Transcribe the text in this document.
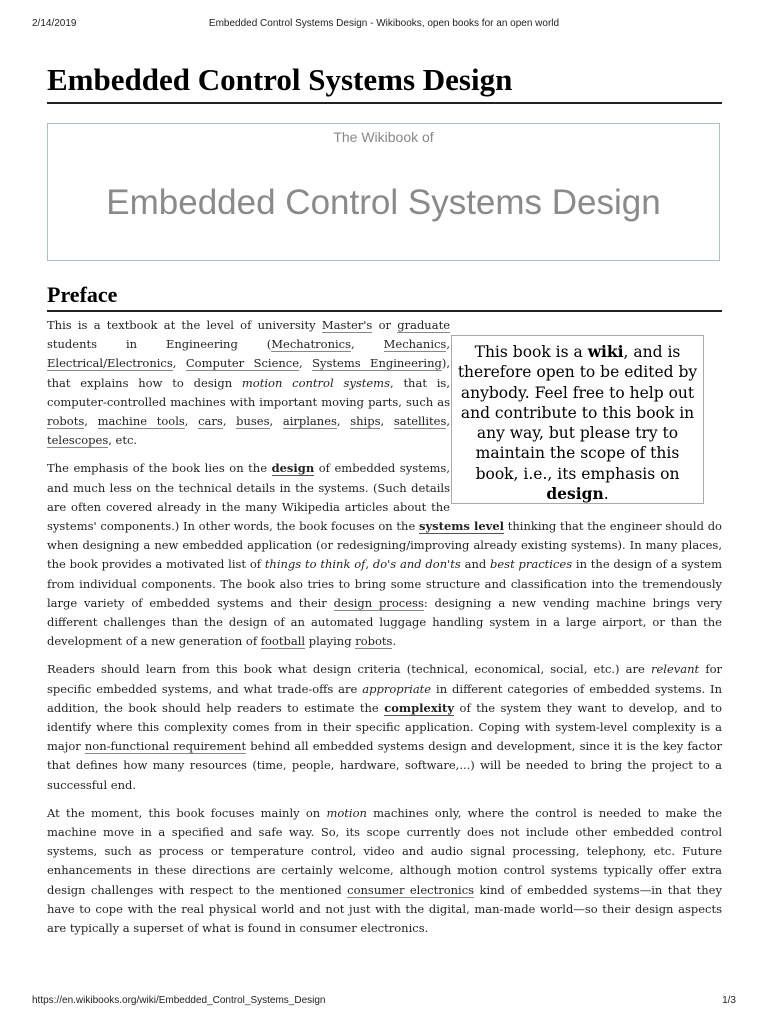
2/14/2019	Embedded Control Systems Design - Wikibooks, open books for an open world
Embedded Control Systems Design
The Wikibook of
Embedded Control Systems Design
Preface

This is a textbook at the level of university Master's or graduate students in Engineering (Mechatronics, Mechanics, Electrical/Electronics, Computer Science, Systems Engineering), that explains how to design motion control systems, that is, computer-controlled machines with important moving parts, such as robots, machine tools, cars, buses, airplanes, ships, satellites, telescopes, etc.

The emphasis of the book lies on the design of embedded systems, and much less on the technical details in the systems. (Such details are often covered already in the many Wikipedia articles about the systems' components.) In other words, the book focuses on the systems level thinking that the engineer should do when designing a new embedded application (or redesigning/improving already existing systems). In many places, the book provides a motivated list of things to think of, do's and don'ts and best practices in the design of a system from individual components. The book also tries to bring some structure and classification into the tremendously large variety of embedded systems and their design process: designing a new vending machine brings very different challenges than the design of an automated luggage handling system in a large airport, or than the development of a new generation of football playing robots.

Readers should learn from this book what design criteria (technical, economical, social, etc.) are relevant for specific embedded systems, and what trade-offs are appropriate in different categories of embedded systems. In addition, the book should help readers to estimate the complexity of the system they want to develop, and to identify where this complexity comes from in their specific application. Coping with system-level complexity is a major non-functional requirement behind all embedded systems design and development, since it is the key factor that defines how many resources (time, people, hardware, software,...) will be needed to bring the project to a successful end.

At the moment, this book focuses mainly on motion machines only, where the control is needed to make the machine move in a specified and safe way. So, its scope currently does not include other embedded control systems, such as process or temperature control, video and audio signal processing, telephony, etc. Future enhancements in these directions are certainly welcome, although motion control systems typically offer extra design challenges with respect to the mentioned consumer electronics kind of embedded systems—in that they have to cope with the real physical world and not just with the digital, man-made world—so their design aspects are typically a superset of what is found in consumer electronics.

This book is a wiki, and is therefore open to be edited by anybody. Feel free to help out and contribute to this book in any way, but please try to maintain the scope of this book, i.e., its emphasis on design.
https://en.wikibooks.org/wiki/Embedded_Control_Systems_Design	1/3
